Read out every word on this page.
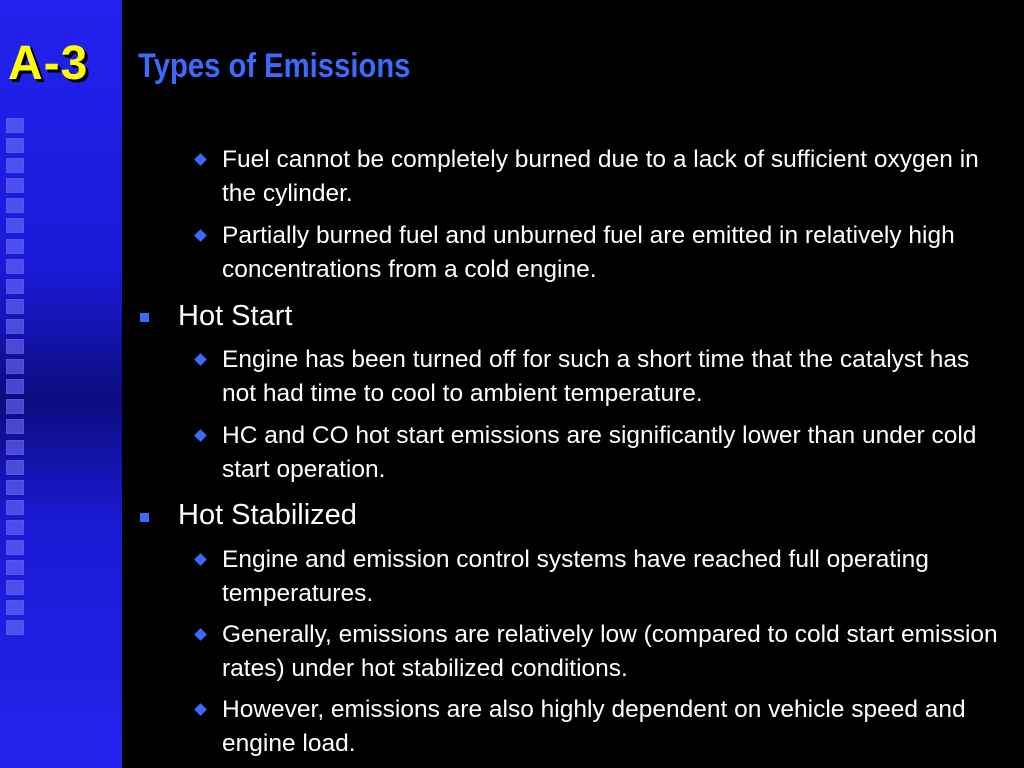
A-3 Types of Emissions
Fuel cannot be completely burned due to a lack of sufficient oxygen in the cylinder.
Partially burned fuel and unburned fuel are emitted in relatively high concentrations from a cold engine.
Hot Start
Engine has been turned off for such a short time that the catalyst has not had time to cool to ambient temperature.
HC and CO hot start emissions are significantly lower than under cold start operation.
Hot Stabilized
Engine and emission control systems have reached full operating temperatures.
Generally, emissions are relatively low (compared to cold start emission rates) under hot stabilized conditions.
However, emissions are also highly dependent on vehicle speed and engine load.
